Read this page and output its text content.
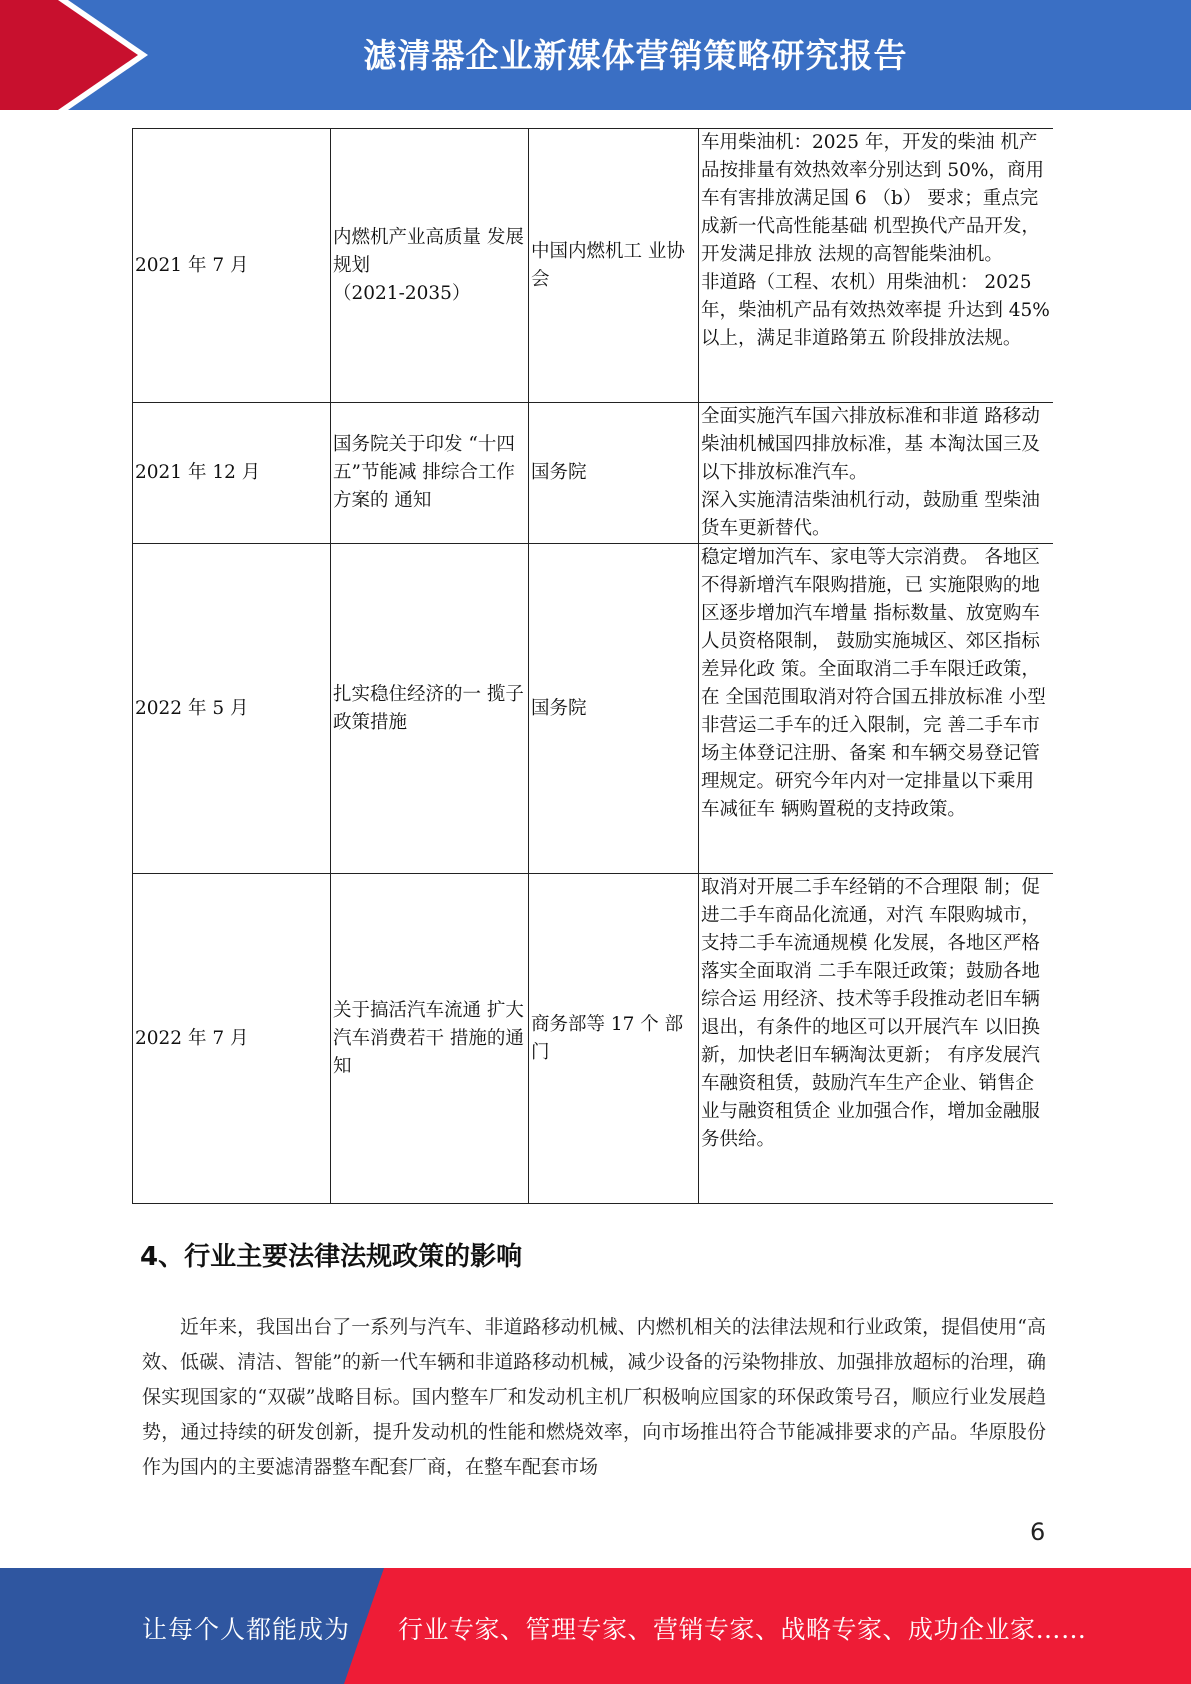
滤清器企业新媒体营销策略研究报告
2021 年 7 月	内燃机产业高质量 发展规划
（2021-2035）	中国内燃机工 业协会	车用柴油机：2025 年，开发的柴油 机产品按排量有效热效率分别达到 50%，商用车有害排放满足国 6 （b） 要求；重点完成新一代高性能基础 机型换代产品开发，开发满足排放 法规的高智能柴油机。
非道路（工程、农机）用柴油机： 2025 年，柴油机产品有效热效率提 升达到 45%以上，满足非道路第五 阶段排放法规。

2021 年 12 月	国务院关于印发 “十四五”节能减 排综合工作方案的 通知	国务院	全面实施汽车国六排放标准和非道 路移动柴油机械国四排放标准，基 本淘汰国三及以下排放标准汽车。
深入实施清洁柴油机行动，鼓励重 型柴油货车更新替代。

2022 年 5 月	扎实稳住经济的一 揽子政策措施	国务院	稳定增加汽车、家电等大宗消费。 各地区不得新增汽车限购措施，已 实施限购的地区逐步增加汽车增量 指标数量、放宽购车人员资格限制， 鼓励实施城区、郊区指标差异化政 策。全面取消二手车限迁政策，在 全国范围取消对符合国五排放标准 小型非营运二手车的迁入限制，完 善二手车市场主体登记注册、备案 和车辆交易登记管理规定。研究今年内对一定排量以下乘用车减征车 辆购置税的支持政策。

2022 年 7 月	关于搞活汽车流通 扩大汽车消费若干 措施的通知	商务部等 17 个 部门	取消对开展二手车经销的不合理限 制；促进二手车商品化流通，对汽 车限购城市，支持二手车流通规模 化发展，各地区严格落实全面取消 二手车限迁政策；鼓励各地综合运 用经济、技术等手段推动老旧车辆 退出，有条件的地区可以开展汽车 以旧换新，加快老旧车辆淘汰更新； 有序发展汽车融资租赁，鼓励汽车生产企业、销售企业与融资租赁企 业加强合作，增加金融服务供给。
4、行业主要法律法规政策的影响

近年来，我国出台了一系列与汽车、非道路移动机械、内燃机相关的法律法规和行业政策，提倡使用“高效、低碳、清洁、智能”的新一代车辆和非道路移动机械，减少设备的污染物排放、加强排放超标的治理，确保实现国家的“双碳”战略目标。国内整车厂和发动机主机厂积极响应国家的环保政策号召，顺应行业发展趋势，通过持续的研发创新，提升发动机的性能和燃烧效率，向市场推出符合节能减排要求的产品。华原股份作为国内的主要滤清器整车配套厂商，在整车配套市场

6
让每个人都能成为 行业专家、管理专家、营销专家、战略专家、成功企业家……
